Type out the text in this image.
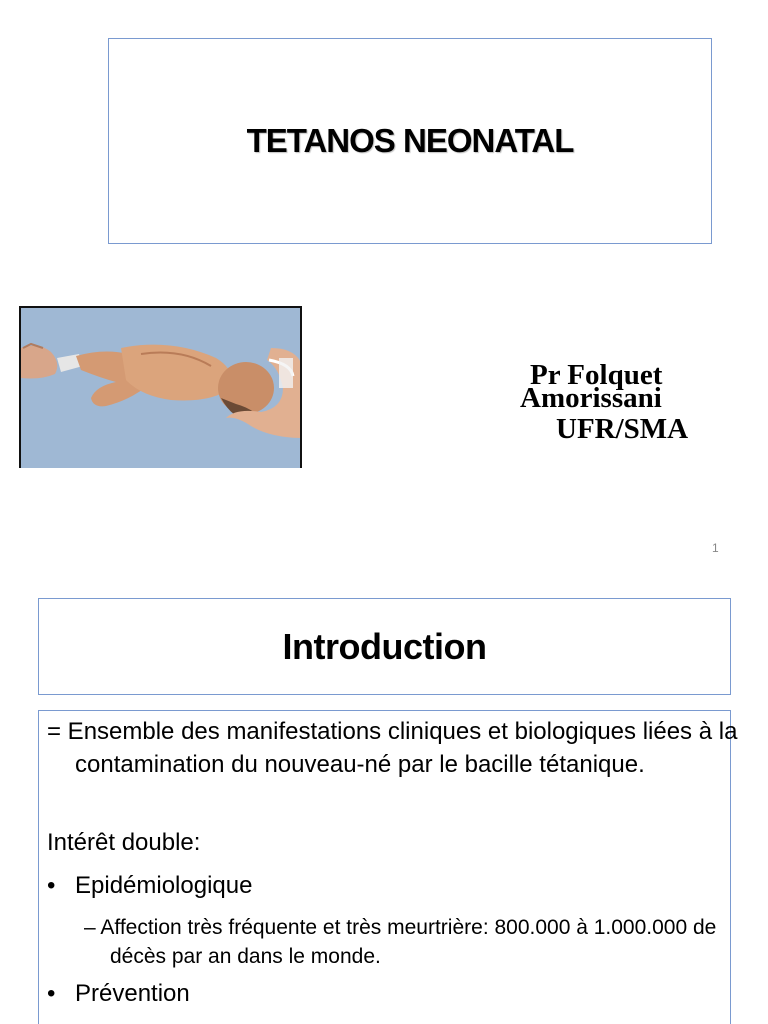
TETANOS NEONATAL
Pr Folquet
Amorissani
UFR/SMA
1
Introduction
= Ensemble des manifestations cliniques et biologiques liées à la contamination du nouveau-né par le bacille tétanique.
Intérêt double:
• Epidémiologique
– Affection très fréquente et très meurtrière: 800.000 à 1.000.000 de décès par an dans le monde.
• Prévention
